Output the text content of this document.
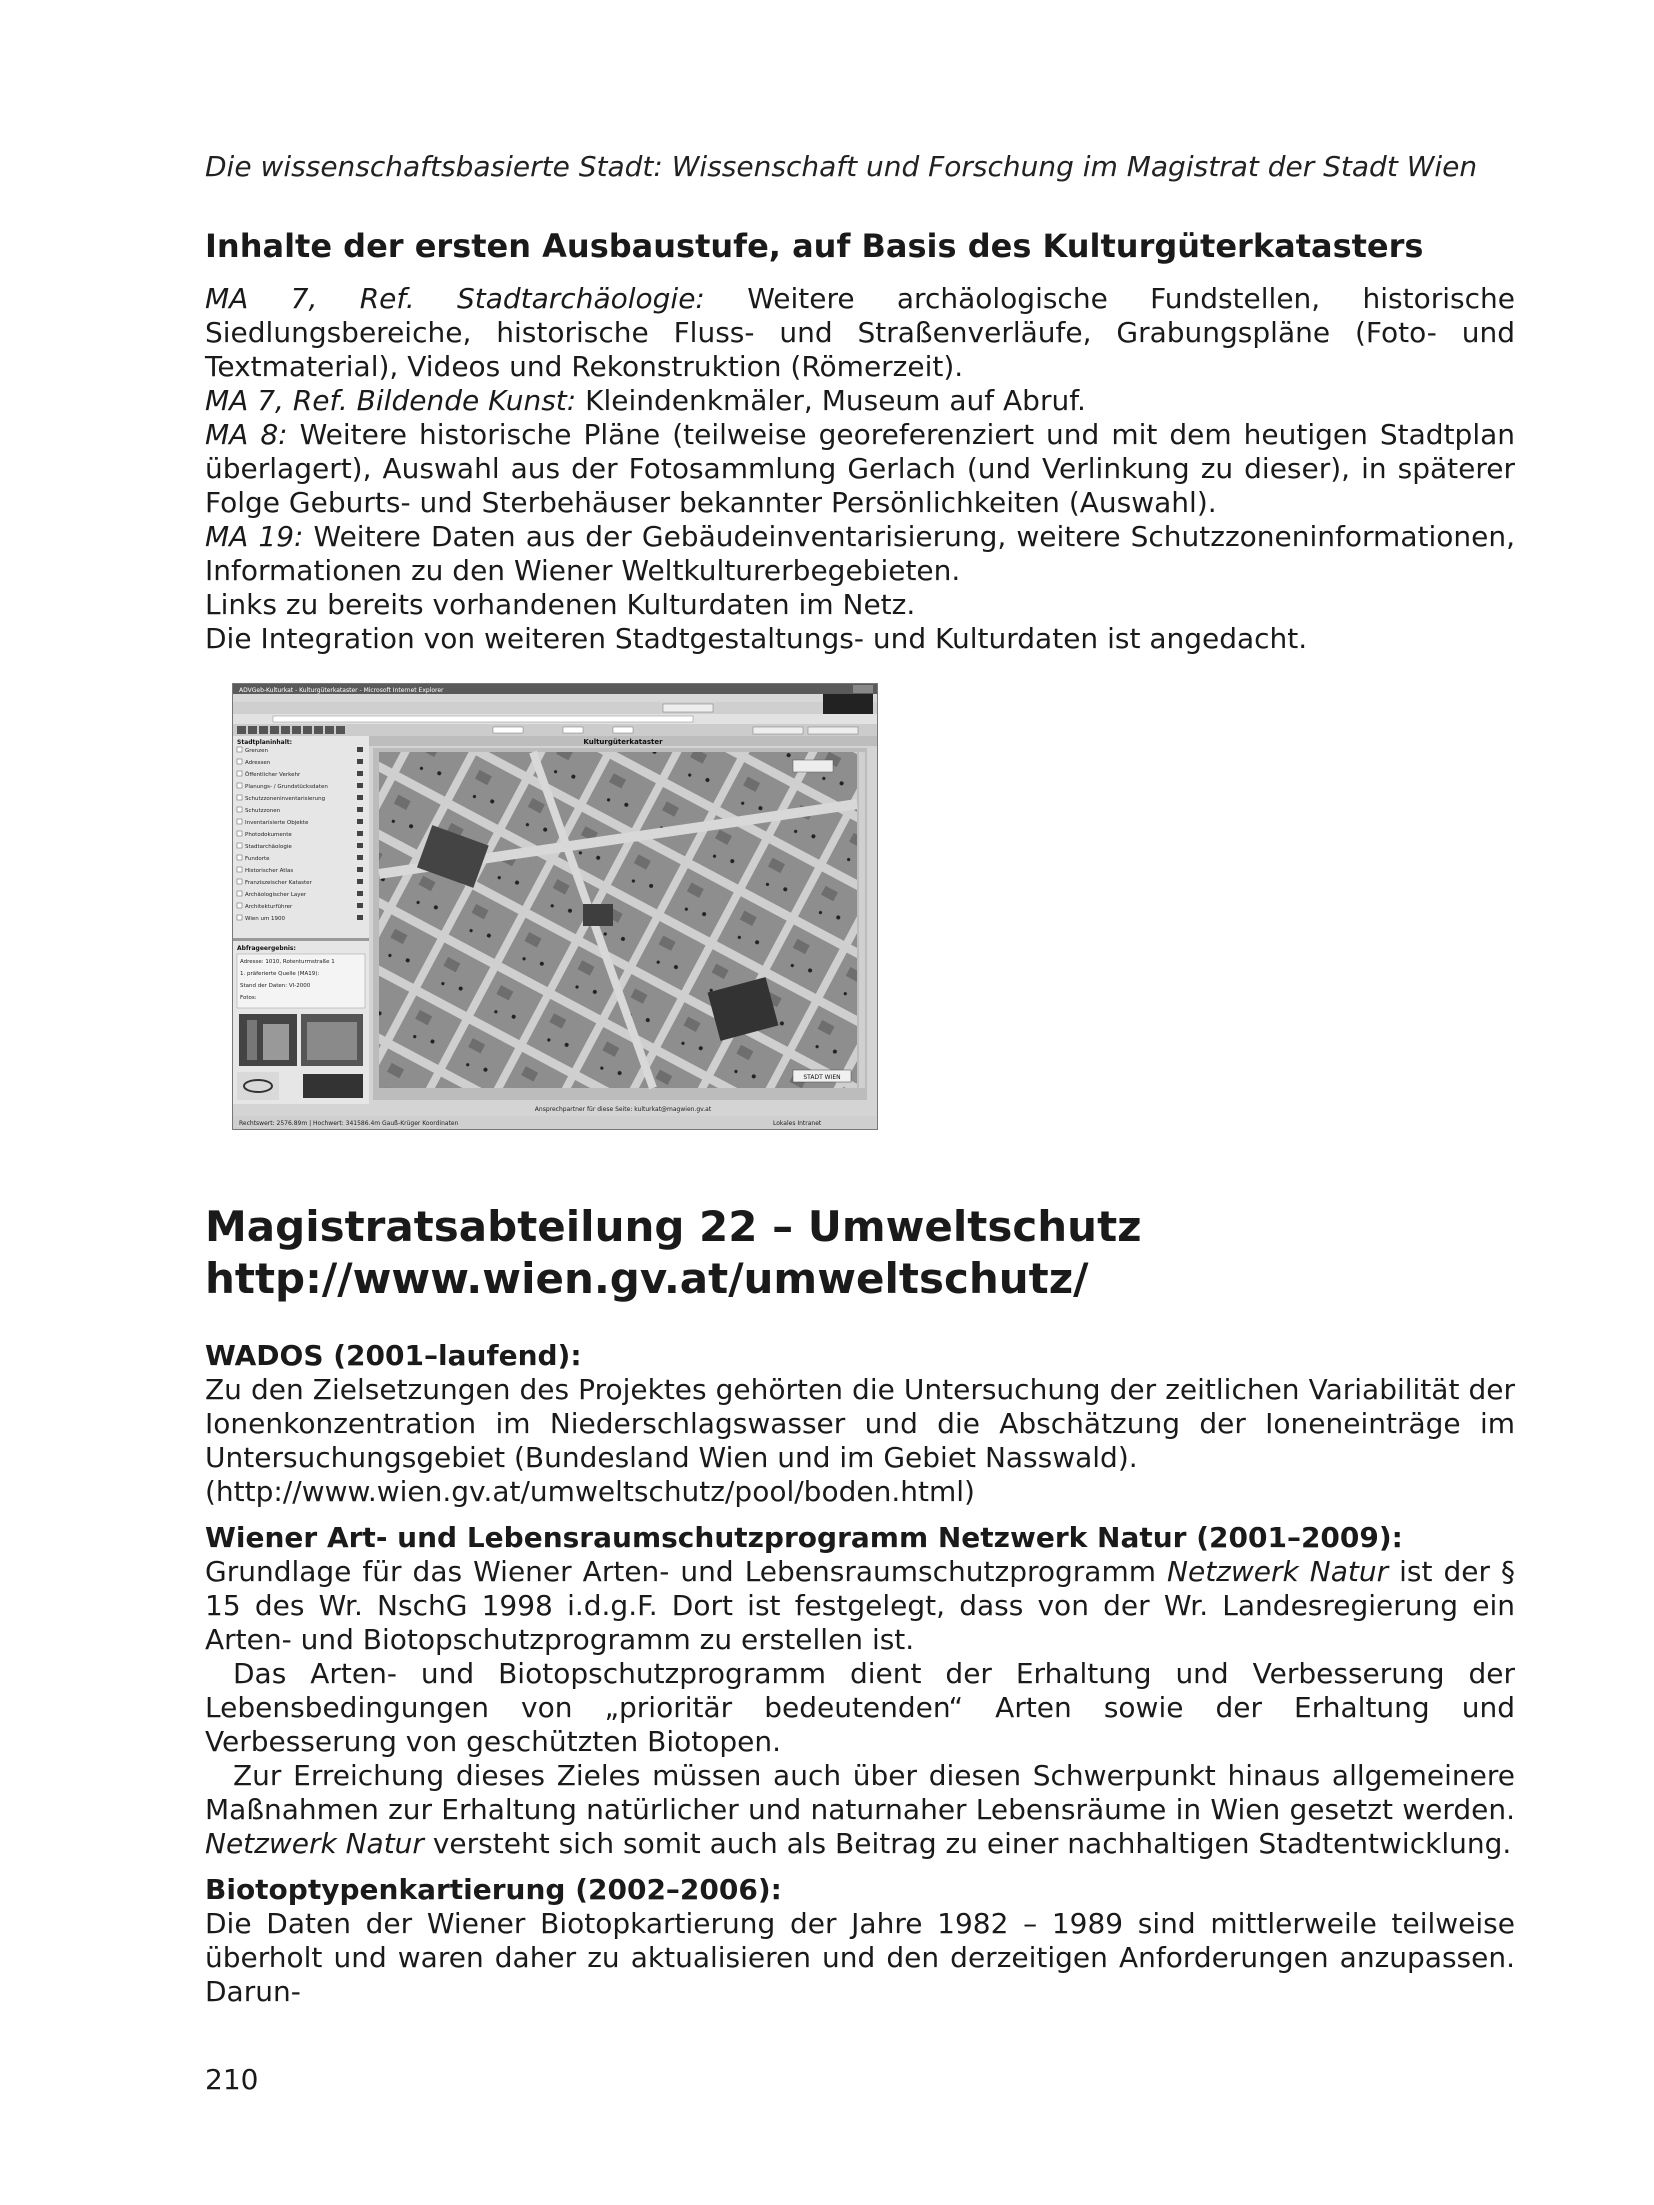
Die wissenschaftsbasierte Stadt: Wissenschaft und Forschung im Magistrat der Stadt Wien
Inhalte der ersten Ausbaustufe, auf Basis des Kulturgüterkatasters

MA 7, Ref. Stadtarchäologie: Weitere archäologische Fundstellen, historische Siedlungsbereiche, historische Fluss- und Straßenverläufe, Grabungspläne (Foto- und Textmaterial), Videos und Rekonstruktion (Römerzeit).

MA 7, Ref. Bildende Kunst: Kleindenkmäler, Museum auf Abruf.

MA 8: Weitere historische Pläne (teilweise georeferenziert und mit dem heutigen Stadtplan überlagert), Auswahl aus der Fotosammlung Gerlach (und Verlinkung zu dieser), in späterer Folge Geburts- und Sterbehäuser bekannter Persönlichkeiten (Auswahl).

MA 19: Weitere Daten aus der Gebäudeinventarisierung, weitere Schutzzoneninformationen, Informationen zu den Wiener Weltkulturerbegebieten.

Links zu bereits vorhandenen Kulturdaten im Netz.

Die Integration von weiteren Stadtgestaltungs- und Kulturdaten ist angedacht.

ADVGeb-Kulturkat - Kulturgüterkataster - Microsoft Internet Explorer
Stadtplaninhalt:
Grenzen
Adressen
Öffentlicher Verkehr
Planungs- / Grundstücksdaten
Schutzzoneninventarisierung
Schutzzonen
Inventarisierte Objekte
Photodokumente
Stadtarchäologie
Fundorte
Historischer Atlas
Franziszeischer Kataster
Archäologischer Layer
Architekturführer
Wien um 1900
Abfrageergebnis:
Adresse: 1010, Rotenturmstraße 1
1. präferierte Quelle (MA19):
Stand der Daten: VI-2000
Fotos:
Kulturgüterkataster
STADT WIEN
Ansprechpartner für diese Seite: kulturkat@magwien.gv.at
Rechtswert: 2576.89m | Hochwert: 341586.4m Gauß-Krüger Koordinaten	Lokales Intranet
Magistratsabteilung 22 – Umweltschutz
http://www.wien.gv.at/umweltschutz/

WADOS (2001–laufend):

Zu den Zielsetzungen des Projektes gehörten die Untersuchung der zeitlichen Variabilität der Ionenkonzentration im Niederschlagswasser und die Abschätzung der Ioneneinträge im Untersuchungsgebiet (Bundesland Wien und im Gebiet Nasswald).

(http://www.wien.gv.at/umweltschutz/pool/boden.html)

Wiener Art- und Lebensraumschutzprogramm Netzwerk Natur (2001–2009):

Grundlage für das Wiener Arten- und Lebensraumschutzprogramm Netzwerk Natur ist der § 15 des Wr. NschG 1998 i.d.g.F. Dort ist festgelegt, dass von der Wr. Landesregierung ein Arten- und Biotopschutzprogramm zu erstellen ist.

Das Arten- und Biotopschutzprogramm dient der Erhaltung und Verbesserung der Lebensbedingungen von „prioritär bedeutenden“ Arten sowie der Erhaltung und Verbesserung von geschützten Biotopen.

Zur Erreichung dieses Zieles müssen auch über diesen Schwerpunkt hinaus allgemeinere Maßnahmen zur Erhaltung natürlicher und naturnaher Lebensräume in Wien gesetzt werden. Netzwerk Natur versteht sich somit auch als Beitrag zu einer nachhaltigen Stadtentwicklung.

Biotoptypenkartierung (2002–2006):

Die Daten der Wiener Biotopkartierung der Jahre 1982 – 1989 sind mittlerweile teilweise überholt und waren daher zu aktualisieren und den derzeitigen Anforderungen anzupassen. Darun-

210
